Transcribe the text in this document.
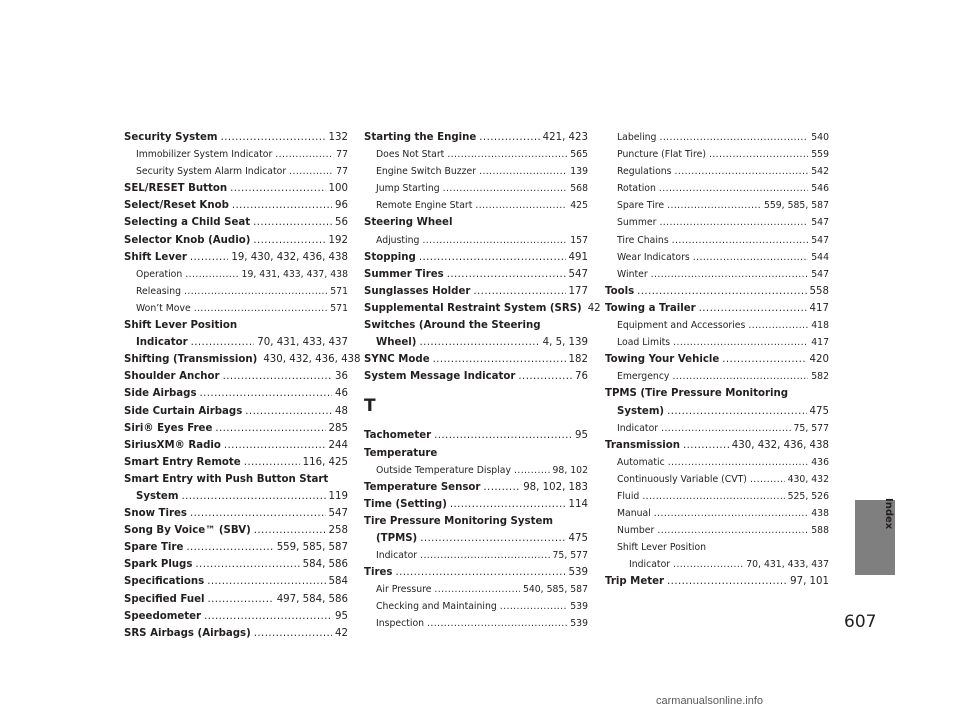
Security System .....	132
Immobilizer System Indicator .....	77
Security System Alarm Indicator .....	77
SEL/RESET Button .....	100
Select/Reset Knob .....	96
Selecting a Child Seat .....	56
Selector Knob (Audio) .....	192
Shift Lever .....	19, 430, 432, 436, 438
Operation .....	19, 431, 433, 437, 438
Releasing .....	571
Won’t Move .....	571
Shift Lever Position
Indicator .....	70, 431, 433, 437
Shifting (Transmission) 430, 432, 436, 438
Shoulder Anchor .....	36
Side Airbags .....	46
Side Curtain Airbags .....	48
Siri® Eyes Free .....	285
SiriusXM® Radio .....	244
Smart Entry Remote .....	116, 425
Smart Entry with Push Button Start
System .....	119
Snow Tires .....	547
Song By Voice™ (SBV) .....	258
Spare Tire .....	559, 585, 587
Spark Plugs .....	584, 586
Specifications .....	584
Specified Fuel .....	497, 584, 586
Speedometer .....	95
SRS Airbags (Airbags) .....	42
Starting the Engine .....	421, 423
Does Not Start .....	565
Engine Switch Buzzer .....	139
Jump Starting .....	568
Remote Engine Start .....	425
Steering Wheel
Adjusting .....	157
Stopping .....	491
Summer Tires .....	547
Sunglasses Holder .....	177
Supplemental Restraint System (SRS) 42
Switches (Around the Steering
Wheel) .....	4, 5, 139
SYNC Mode .....	182
System Message Indicator .....	76
T
Tachometer .....	95
Temperature
Outside Temperature Display .....	98, 102
Temperature Sensor .....	98, 102, 183
Time (Setting) .....	114
Tire Pressure Monitoring System
(TPMS) .....	475
Indicator .....	75, 577
Tires .....	539
Air Pressure .....	540, 585, 587
Checking and Maintaining .....	539
Inspection .....	539
Labeling .....	540
Puncture (Flat Tire) .....	559
Regulations .....	542
Rotation .....	546
Spare Tire .....	559, 585, 587
Summer .....	547
Tire Chains .....	547
Wear Indicators .....	544
Winter .....	547
Tools .....	558
Towing a Trailer .....	417
Equipment and Accessories .....	418
Load Limits .....	417
Towing Your Vehicle .....	420
Emergency .....	582
TPMS (Tire Pressure Monitoring
System) .....	475
Indicator .....	75, 577
Transmission .....	430, 432, 436, 438
Automatic .....	436
Continuously Variable (CVT) .....	430, 432
Fluid .....	525, 526
Manual .....	438
Number .....	588
Shift Lever Position
Indicator .....	70, 431, 433, 437
Trip Meter .....	97, 101
Index
607
carmanualsonline.info
